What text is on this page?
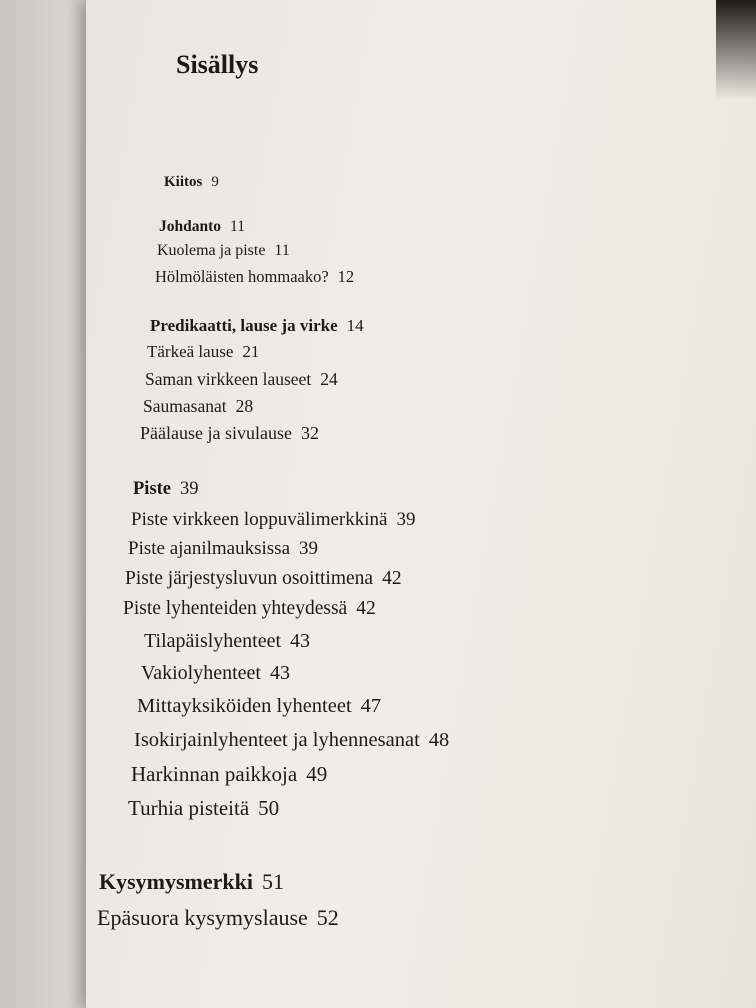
Sisällys
Kiitos 9
Johdanto 11
Kuolema ja piste 11
Hölmöläisten hommaako? 12
Predikaatti, lause ja virke 14
Tärkeä lause 21
Saman virkkeen lauseet 24
Saumasanat 28
Päälause ja sivulause 32
Piste 39
Piste virkkeen loppuvälimerkkinä 39
Piste ajanilmauksissa 39
Piste järjestysluvun osoittimena 42
Piste lyhenteiden yhteydessä 42
Tilapäislyhenteet 43
Vakiolyhenteet 43
Mittayksiköiden lyhenteet 47
Isokirjainlyhenteet ja lyhennesanat 48
Harkinnan paikkoja 49
Turhia pisteitä 50
Kysymysmerkki 51
Epäsuora kysymyslause 52
